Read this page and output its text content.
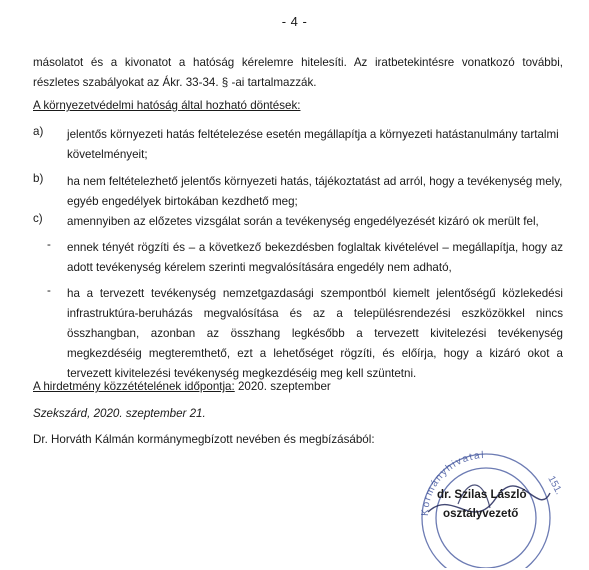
- 4 -
másolatot és a kivonatot a hatóság kérelemre hitelesíti. Az iratbetekintésre vonatkozó további, részletes szabályokat az Ákr. 33-34. § -ai tartalmazzák.
A környezetvédelmi hatóság által hozható döntések:
a) jelentős környezeti hatás feltételezése esetén megállapítja a környezeti hatástanulmány tartalmi követelményeit;
b) ha nem feltételezhető jelentős környezeti hatás, tájékoztatást ad arról, hogy a tevékenység mely, egyéb engedélyek birtokában kezdhető meg;
c) amennyiben az előzetes vizsgálat során a tevékenység engedélyezését kizáró ok merült fel,
- ennek tényét rögzíti és – a következő bekezdésben foglaltak kivételével – megállapítja, hogy az adott tevékenység kérelem szerinti megvalósítására engedély nem adható,
- ha a tervezett tevékenység nemzetgazdasági szempontból kiemelt jelentőségű közlekedési infrastruktúra-beruházás megvalósítása és az a településrendezési eszközökkel nincs összhangban, azonban az összhang legkésőbb a tervezett kivitelezési tevékenység megkezdéséig megteremthető, ezt a lehetőséget rögzíti, és előírja, hogy a kizáró okot a tervezett kivitelezési tevékenység megkezdéséig meg kell szüntetni.
A hirdetmény közzétételének időpontja: 2020. szeptember
Szekszárd, 2020. szeptember 21.
Dr. Horváth Kálmán kormánymegbízott nevében és megbízásából:
Kormányhivatal
151.
dr. Szilas László
osztályvezető
